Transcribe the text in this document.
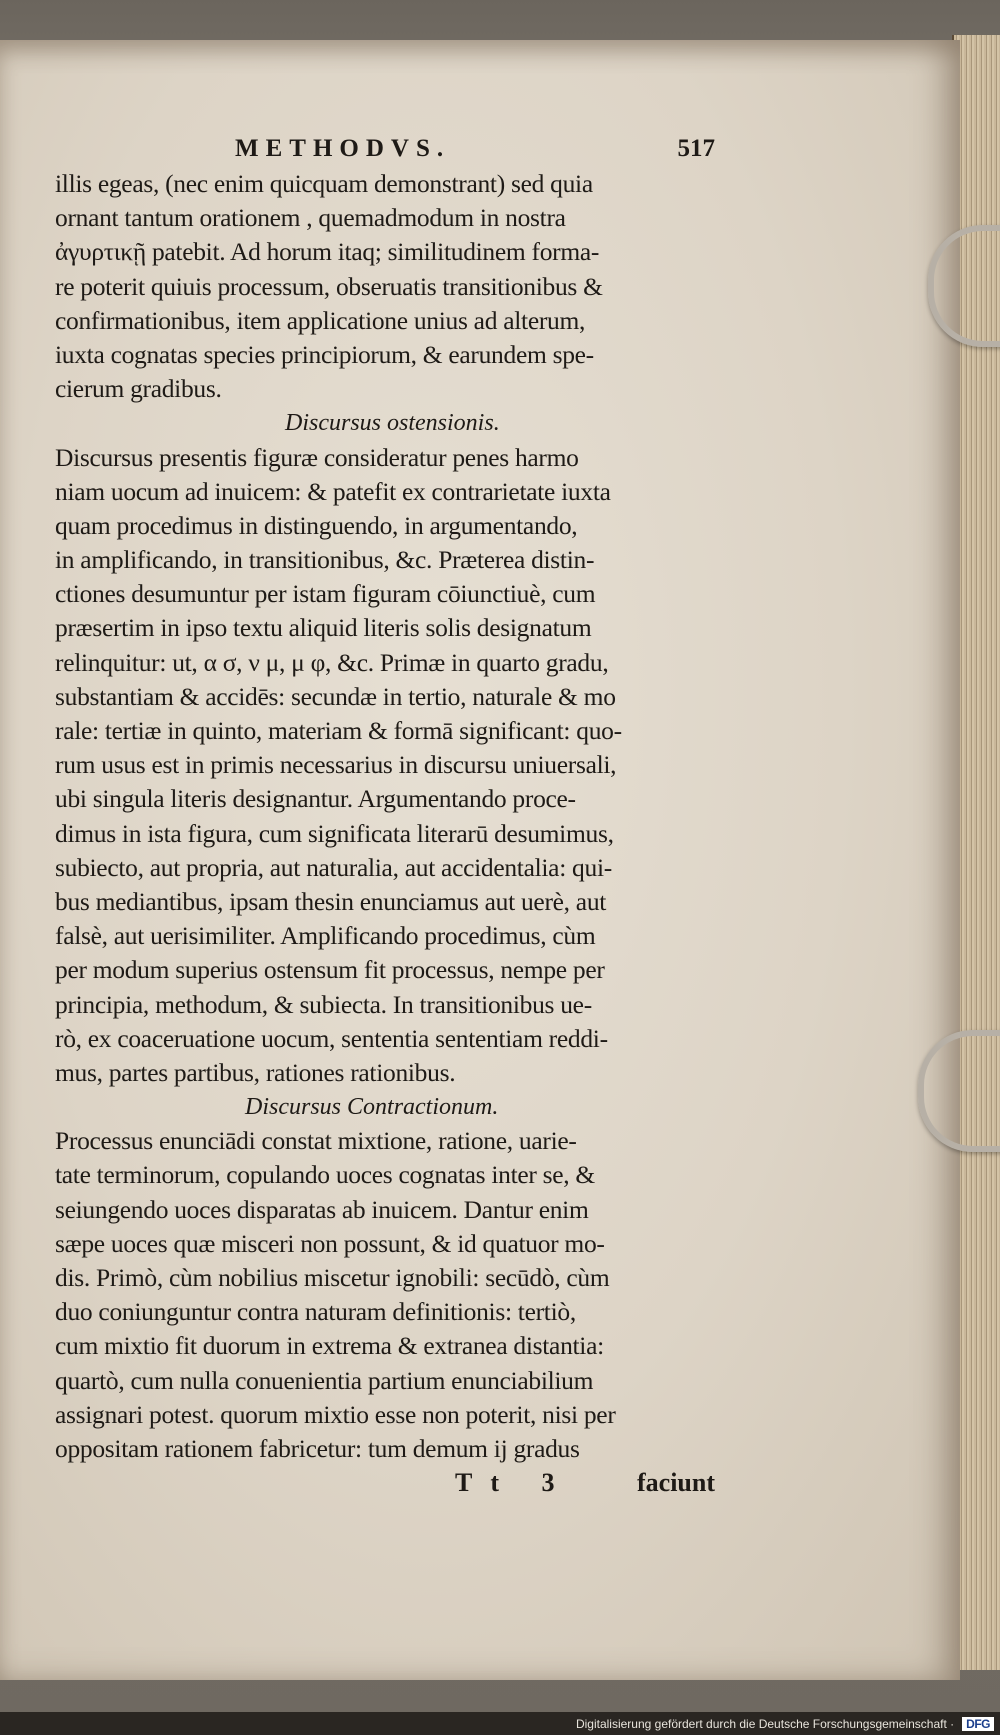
METHODVS.	517
illis egeas, (nec enim quicquam demonstrant) sed quia
ornant tantum orationem , quemadmodum in nostra
ἀγυρτικῇ patebit. Ad horum itaq; similitudinem forma-
re poterit quiuis processum, obseruatis transitionibus &
confirmationibus, item applicatione unius ad alterum,
iuxta cognatas species principiorum, & earundem spe-
cierum gradibus.
Discursus ostensionis.
Discursus presentis figuræ consideratur penes harmo
niam uocum ad inuicem: & patefit ex contrarietate iuxta
quam procedimus in distinguendo, in argumentando,
in amplificando, in transitionibus, &c. Præterea distin-
ctiones desumuntur per istam figuram cōiunctiuè, cum
præsertim in ipso textu aliquid literis solis designatum
relinquitur: ut, α σ, ν μ, μ φ, &c. Primæ in quarto gradu,
substantiam & accidēs: secundæ in tertio, naturale & mo
rale: tertiæ in quinto, materiam & formā significant: quo-
rum usus est in primis necessarius in discursu uniuersali,
ubi singula literis designantur. Argumentando proce-
dimus in ista figura, cum significata literarū desumimus,
subiecto, aut propria, aut naturalia, aut accidentalia: qui-
bus mediantibus, ipsam thesin enunciamus aut uerè, aut
falsè, aut uerisimiliter. Amplificando procedimus, cùm
per modum superius ostensum fit processus, nempe per
principia, methodum, & subiecta. In transitionibus ue-
rò, ex coaceruatione uocum, sententia sententiam reddi-
mus, partes partibus, rationes rationibus.
Discursus Contractionum.
Processus enunciādi constat mixtione, ratione, uarie-
tate terminorum, copulando uoces cognatas inter se, &
seiungendo uoces disparatas ab inuicem. Dantur enim
sæpe uoces quæ misceri non possunt, & id quatuor mo-
dis. Primò, cùm nobilius miscetur ignobili: secūdò, cùm
duo coniunguntur contra naturam definitionis: tertiò,
cum mixtio fit duorum in extrema & extranea distantia:
quartò, cum nulla conuenientia partium enunciabilium
assignari potest. quorum mixtio esse non poterit, nisi per
oppositam rationem fabricetur: tum demum ij gradus
Tt 3 faciunt
Digitalisierung gefördert durch die Deutsche Forschungsgemeinschaft ·	DFG
